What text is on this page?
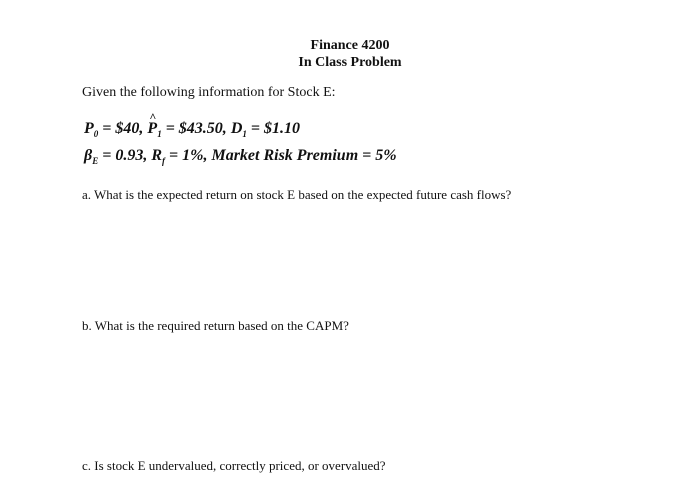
Finance 4200
In Class Problem
Given the following information for Stock E:
$P_0$ = $40,
^
$P_1$ = $43.50, $D_1$ = $1.10
$\beta_E = 0.93$, $R_f = 1\%$, Market Risk Premium = 5%
a. What is the expected return on stock E based on the expected future cash flows?
b. What is the required return based on the CAPM?
c. Is stock E undervalued, correctly priced, or overvalued?
